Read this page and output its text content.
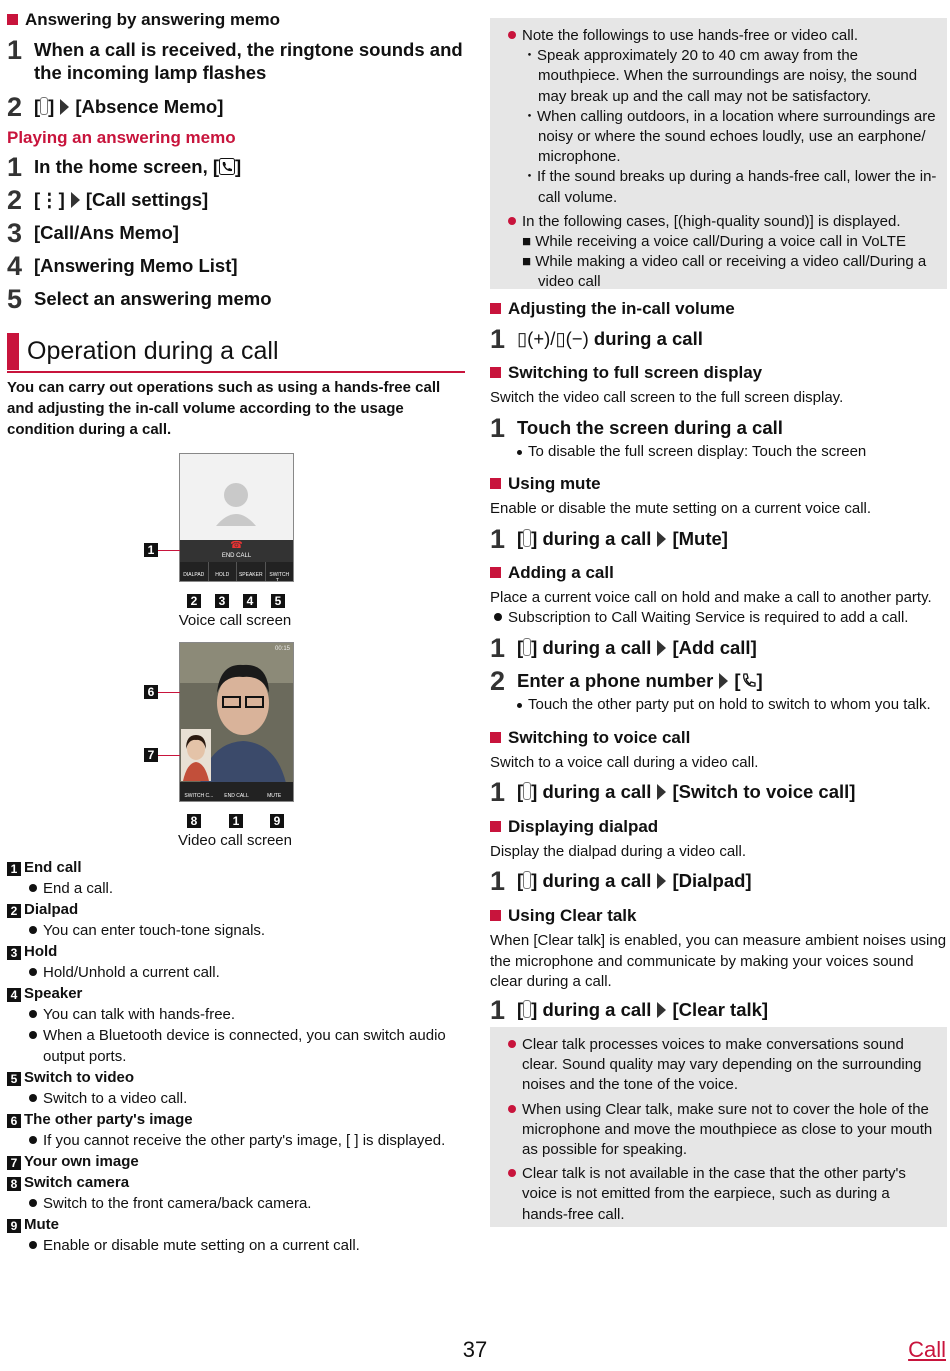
Answering by answering memo
1 When a call is received, the ringtone sounds and
the incoming lamp flashes
2 [ ] [Absence Memo]
Playing an answering memo
1 In the home screen, [ ]
2 [⋮] [Call settings]
3 [Call/Ans Memo]
4 [Answering Memo List]
5 Select an answering memo
Operation during a call
You can carry out operations such as using a hands-free call and adjusting the in-call volume according to the usage condition during a call.
☎
END CALL
DIALPAD	HOLD	SPEAKER	SWITCH T...
1
2	3	4	5
Voice call screen
00:15
SWITCH C...	END CALL	MUTE
6
7
8	1	9
Video call screen
1 End call
End a call.
2 Dialpad
You can enter touch-tone signals.
3 Hold
Hold/Unhold a current call.
4 Speaker
You can talk with hands-free.
When a Bluetooth device is connected, you can switch audio output ports.
5 Switch to video
Switch to a video call.
6 The other party's image
If you cannot receive the other party's image, [ ] is displayed.
7 Your own image
8 Switch camera
Switch to the front camera/back camera.
9 Mute
Enable or disable mute setting on a current call.

Note the followings to use hands-free or video call.

・Speak approximately 20 to 40 cm away from the mouthpiece. When the surroundings are noisy, the sound may break up and the call may not be satisfactory.

・When calling outdoors, in a location where surroundings are noisy or where the sound echoes loudly, use an earphone/ microphone.

・If the sound breaks up during a hands-free call, lower the in-call volume.

In the following cases, [(high-quality sound)] is displayed.

■ While receiving a voice call/During a voice call in VoLTE

■ While making a video call or receiving a video call/During a video call

Adjusting the in-call volume
1 ▯(+)/▯(−) during a call
Switching to full screen display
Switch the video call screen to the full screen display.
1 Touch the screen during a call
To disable the full screen display: Touch the screen
Using mute
Enable or disable the mute setting on a current voice call.
1 [ ] during a call [Mute]
Adding a call
Place a current voice call on hold and make a call to another party.
Subscription to Call Waiting Service is required to add a call.
1 [ ] during a call [Add call]
2 Enter a phone number [ ]
Touch the other party put on hold to switch to whom you talk.
Switching to voice call
Switch to a voice call during a video call.
1 [ ] during a call [Switch to voice call]
Displaying dialpad
Display the dialpad during a video call.
1 [ ] during a call [Dialpad]
Using Clear talk
When [Clear talk] is enabled, you can measure ambient noises using the microphone and communicate by making your voices sound clear during a call.
1 [ ] during a call [Clear talk]

Clear talk processes voices to make conversations sound clear. Sound quality may vary depending on the surrounding noises and the tone of the voice.

When using Clear talk, make sure not to cover the hole of the microphone and move the mouthpiece as close to your mouth as possible for speaking.

Clear talk is not available in the case that the other party's voice is not emitted from the earpiece, such as during a hands-free call.

37	Call
